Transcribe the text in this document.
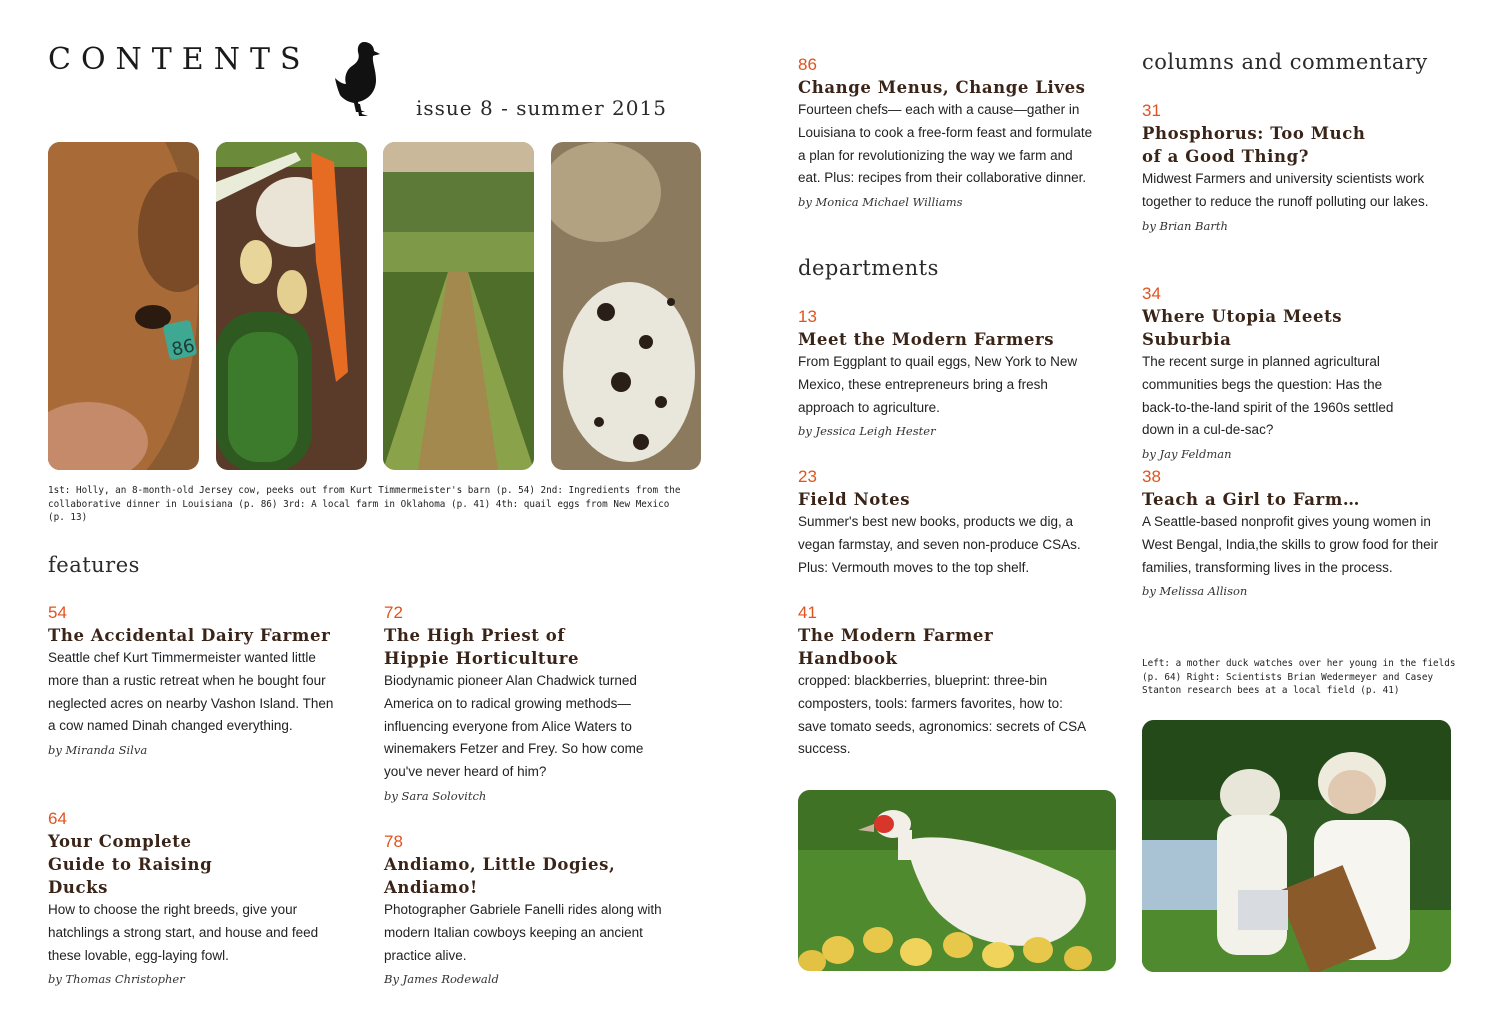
CONTENTS
issue 8 - summer 2015
86
1st: Holly, an 8-month-old Jersey cow, peeks out from Kurt Timmermeister's barn (p. 54) 2nd: Ingredients from the collaborative dinner in Louisiana (p. 86) 3rd: A local farm in Oklahoma (p. 41) 4th: quail eggs from New Mexico (p. 13)
features
54
The Accidental Dairy Farmer
Seattle chef Kurt Timmermeister wanted little more than a rustic retreat when he bought four neglected acres on nearby Vashon Island. Then a cow named Dinah changed everything.
by Miranda Silva
64
Your Complete Guide to Raising Ducks
How to choose the right breeds, give your hatchlings a strong start, and house and feed these lovable, egg-laying fowl.
by Thomas Christopher
72
The High Priest of Hippie Horticulture
Biodynamic pioneer Alan Chadwick turned America on to radical growing methods—influencing everyone from Alice Waters to winemakers Fetzer and Frey. So how come you've never heard of him?
by Sara Solovitch
78
Andiamo, Little Dogies, Andiamo!
Photographer Gabriele Fanelli rides along with modern Italian cowboys keeping an ancient practice alive.
By James Rodewald
86
Change Menus, Change Lives
Fourteen chefs— each with a cause—gather in Louisiana to cook a free-form feast and formulate a plan for revolutionizing the way we farm and eat. Plus: recipes from their collaborative dinner.
by Monica Michael Williams
departments
13
Meet the Modern Farmers
From Eggplant to quail eggs, New York to New Mexico, these entrepreneurs bring a fresh approach to agriculture.
by Jessica Leigh Hester
23
Field Notes
Summer's best new books, products we dig, a vegan farmstay, and seven non-produce CSAs. Plus: Vermouth moves to the top shelf.
41
The Modern Farmer Handbook
cropped: blackberries, blueprint: three-bin composters, tools: farmers favorites, how to: save tomato seeds, agronomics: secrets of CSA success.
columns and commentary
31
Phosphorus: Too Much of a Good Thing?
Midwest Farmers and university scientists work together to reduce the runoff polluting our lakes.
by Brian Barth
34
Where Utopia Meets Suburbia
The recent surge in planned agricultural communities begs the question: Has the back-to-the-land spirit of the 1960s settled down in a cul-de-sac?
by Jay Feldman
38
Teach a Girl to Farm…
A Seattle-based nonprofit gives young women in West Bengal, India,the skills to grow food for their families, transforming lives in the process.
by Melissa Allison
Left: a mother duck watches over her young in the fields (p. 64) Right: Scientists Brian Wedermeyer and Casey Stanton research bees at a local field (p. 41)
